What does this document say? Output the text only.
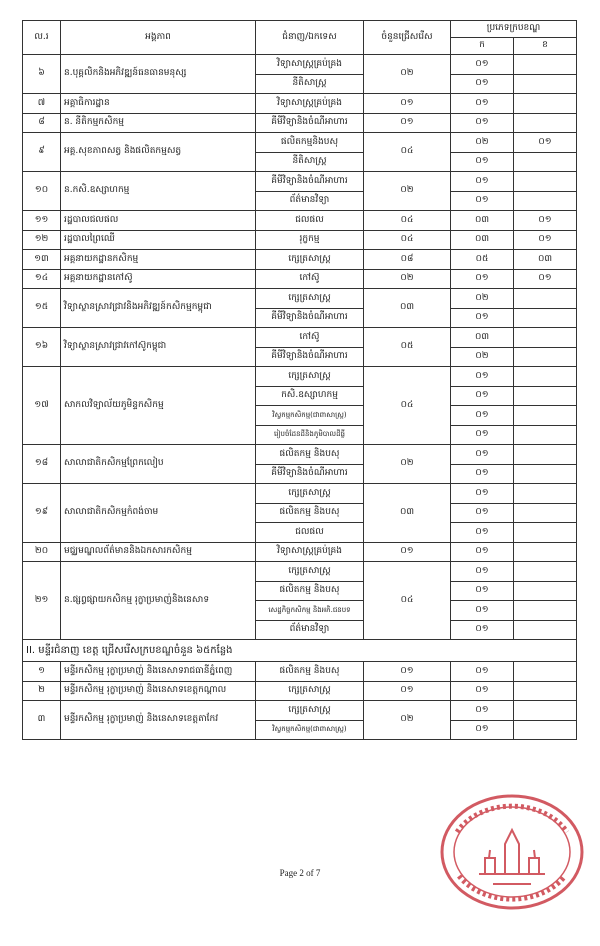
ល.រ	អង្គភាព	ជំនាញ/ឯកទេស	ចំនួនជ្រើសរើស	ប្រភេទក្របខណ្ឌ	
				ក	ខ
៦	ន.បុគ្គលិកនិងអភិវឌ្ឍន៍ធនធានមនុស្ស	វិទ្យាសាស្ត្រគ្រប់គ្រង	០២	០១	
		នីតិសាស្ត្រ		០១	
៧	អគ្គាធិការដ្ឋាន	វិទ្យាសាស្ត្រគ្រប់គ្រង	០១	០១	
៨	ន. នីតិកម្មកសិកម្ម	គីមីវិទ្យានិងចំណីអាហារ	០១	០១	
៩	អគ្គ.សុខភាពសត្វ និងផលិតកម្មសត្វ	ផលិតកម្មនិងបសុ	០៤	០២	០១
		នីតិសាស្ត្រ		០១	
១០	ន.កសិ.ឧស្សាហកម្ម	គីមីវិទ្យានិងចំណីអាហារ	០២	០១	
		ព័ត៌មានវិទ្យា		០១	
១១	រដ្ឋបាលជលផល	ជលផល	០៤	០៣	០១
១២	រដ្ឋបាលព្រៃឈើ	រុក្ខកម្ម	០៤	០៣	០១
១៣	អគ្គនាយកដ្ឋានកសិកម្ម	ក្សេត្រសាស្ត្រ	០៨	០៥	០៣
១៤	អគ្គនាយកដ្ឋានកៅស៊ូ	កៅស៊ូ	០២	០១	០១
១៥	វិទ្យាស្ថានស្រាវជ្រាវនិងអភិវឌ្ឍន៍កសិកម្មកម្ពុជា	ក្សេត្រសាស្ត្រ	០៣	០២	
		គីមីវិទ្យានិងចំណីអាហារ		០១	
១៦	វិទ្យាស្ថានស្រាវជ្រាវកៅស៊ូកម្ពុជា	កៅស៊ូ	០៥	០៣	
		គីមីវិទ្យានិងចំណីអាហារ		០២	
១៧	សាកលវិទ្យាល័យភូមិន្ទកសិកម្ម	ក្សេត្រសាស្ត្រ	០៤	០១	
		កសិ.ឧស្សាហកម្ម		០១	
		វិស្វកម្មកសិកម្ម(ជាពាសាស្ត្រ)		០១	
		រៀបចំដែនដីនិងភូមិបាលដីធ្លី		០១	
១៨	សាលាជាតិកសិកម្មព្រែកលៀប	ផលិតកម្ម និងបសុ	០២	០១	
		គីមីវិទ្យានិងចំណីអាហារ		០១	
១៩	សាលាជាតិកសិកម្មកំពង់ចាម	ក្សេត្រសាស្ត្រ	០៣	០១	
		ផលិតកម្ម និងបសុ		០១	
		ជលផល		០១	
២០	មជ្ឈមណ្ឌលព័ត៌មាននិងឯកសារកសិកម្ម	វិទ្យាសាស្ត្រគ្រប់គ្រង	០១	០១	
២១	ន.ផ្សព្វផ្សាយកសិកម្ម រុក្ខាប្រមាញ់និងនេសាទ	ក្សេត្រសាស្ត្រ	០៤	០១	
		ផលិតកម្ម និងបសុ		០១	
		សេដ្ឋកិច្ចកសិកម្ម និងអភិ.ជនបទ		០១	
		ព័ត៌មានវិទ្យា		០១	
II. មន្ទីរជំនាញ ខេត្ត ជ្រើសរើសក្របខណ្ឌចំនួន ៦៥កន្លែង					
១	មន្ទីរកសិកម្ម រុក្ខាប្រមាញ់ និងនេសាទរាជធានីភ្នំពេញ	ផលិតកម្ម និងបសុ	០១	០១	
២	មន្ទីរកសិកម្ម រុក្ខាប្រមាញ់ និងនេសាទខេត្តកណ្ដាល	ក្សេត្រសាស្ត្រ	០១	០១	
៣	មន្ទីរកសិកម្ម រុក្ខាប្រមាញ់ និងនេសាទខេត្តតាកែវ	ក្សេត្រសាស្ត្រ	០២	០១	
		វិស្វកម្មកសិកម្ម(ជាពាសាស្ត្រ)		០១	
Page 2 of 7
